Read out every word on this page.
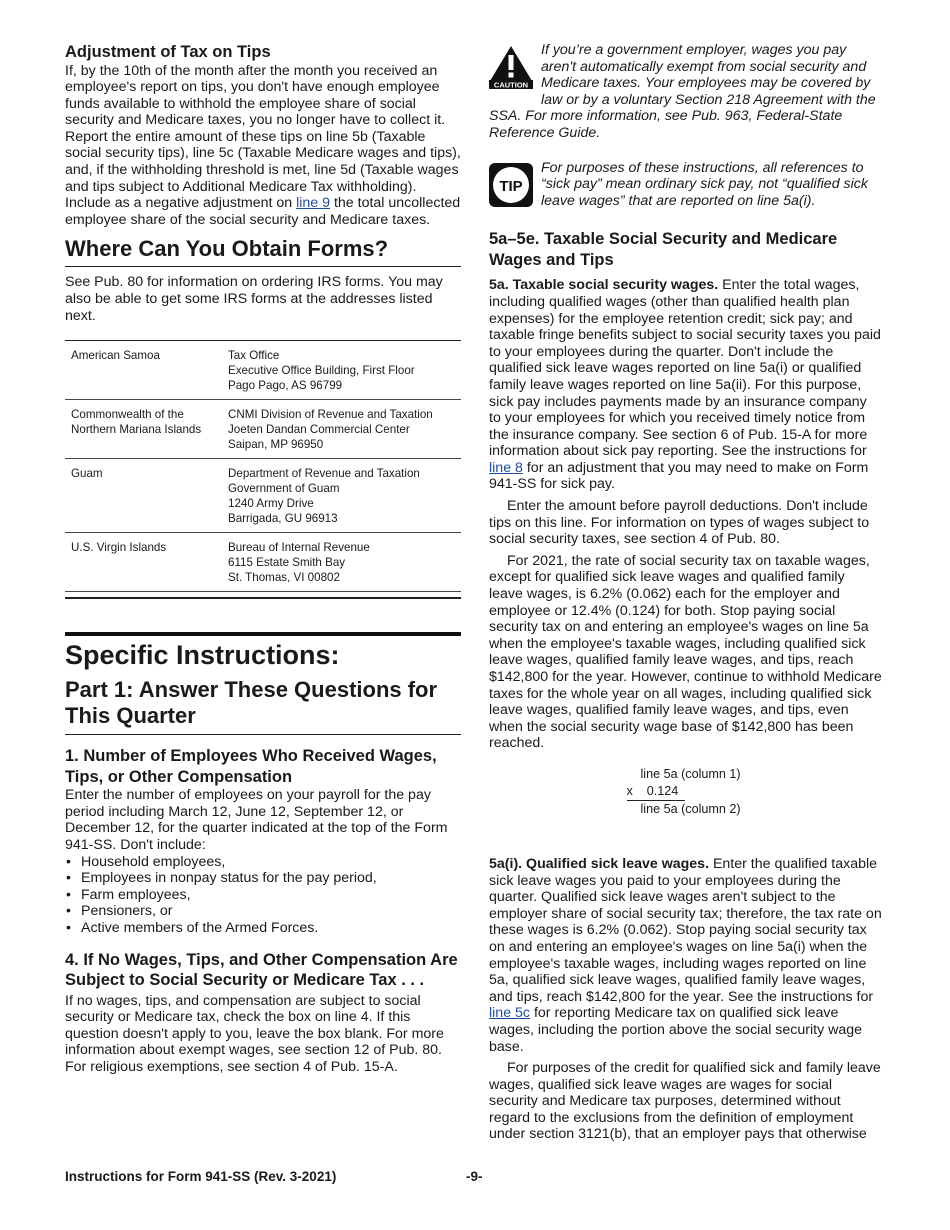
Adjustment of Tax on Tips

If, by the 10th of the month after the month you received an employee's report on tips, you don't have enough employee funds available to withhold the employee share of social security and Medicare taxes, you no longer have to collect it. Report the entire amount of these tips on line 5b (Taxable social security tips), line 5c (Taxable Medicare wages and tips), and, if the withholding threshold is met, line 5d (Taxable wages and tips subject to Additional Medicare Tax withholding). Include as a negative adjustment on line 9 the total uncollected employee share of the social security and Medicare taxes.

Where Can You Obtain Forms?

See Pub. 80 for information on ordering IRS forms. You may also be able to get some IRS forms at the addresses listed next.

American Samoa	Tax Office
Executive Office Building, First Floor
Pago Pago, AS 96799

Commonwealth of the Northern Mariana Islands	CNMI Division of Revenue and Taxation
Joeten Dandan Commercial Center
Saipan, MP 96950

Guam	Department of Revenue and Taxation
Government of Guam
1240 Army Drive
Barrigada, GU 96913

U.S. Virgin Islands	Bureau of Internal Revenue
6115 Estate Smith Bay
St. Thomas, VI 00802
Specific Instructions:
Part 1: Answer These Questions for This Quarter
1. Number of Employees Who Received Wages, Tips, or Other Compensation

Enter the number of employees on your payroll for the pay period including March 12, June 12, September 12, or December 12, for the quarter indicated at the top of the Form 941-SS. Don't include:

• Household employees,
• Employees in nonpay status for the pay period,
• Farm employees,
• Pensioners, or
• Active members of the Armed Forces.
4. If No Wages, Tips, and Other Compensation Are Subject to Social Security or Medicare Tax . . .

If no wages, tips, and compensation are subject to social security or Medicare tax, check the box on line 4. If this question doesn't apply to you, leave the box blank. For more information about exempt wages, see section 12 of Pub. 80. For religious exemptions, see section 4 of Pub. 15-A.

CAUTION

If you’re a government employer, wages you pay aren't automatically exempt from social security and Medicare taxes. Your employees may be covered by law or by a voluntary Section 218 Agreement with the SSA. For more information, see Pub. 963, Federal-State Reference Guide.

TIP

For purposes of these instructions, all references to “sick pay” mean ordinary sick pay, not “qualified sick leave wages” that are reported on line 5a(i).

5a–5e. Taxable Social Security and Medicare Wages and Tips

5a. Taxable social security wages. Enter the total wages, including qualified wages (other than qualified health plan expenses) for the employee retention credit; sick pay; and taxable fringe benefits subject to social security taxes you paid to your employees during the quarter. Don't include the qualified sick leave wages reported on line 5a(i) or qualified family leave wages reported on line 5a(ii). For this purpose, sick pay includes payments made by an insurance company to your employees for which you received timely notice from the insurance company. See section 6 of Pub. 15-A for more information about sick pay reporting. See the instructions for line 8 for an adjustment that you may need to make on Form 941-SS for sick pay.

Enter the amount before payroll deductions. Don't include tips on this line. For information on types of wages subject to social security taxes, see section 4 of Pub. 80.

For 2021, the rate of social security tax on taxable wages, except for qualified sick leave wages and qualified family leave wages, is 6.2% (0.062) each for the employer and employee or 12.4% (0.124) for both. Stop paying social security tax on and entering an employee's wages on line 5a when the employee's taxable wages, including qualified sick leave wages, qualified family leave wages, and tips, reach $142,800 for the year. However, continue to withhold Medicare taxes for the whole year on all wages, including qualified sick leave wages, qualified family leave wages, and tips, even when the social security wage base of $142,800 has been reached.

line 5a (column 1)
x 0.124
line 5a (column 2)

5a(i). Qualified sick leave wages. Enter the qualified taxable sick leave wages you paid to your employees during the quarter. Qualified sick leave wages aren't subject to the employer share of social security tax; therefore, the tax rate on these wages is 6.2% (0.062). Stop paying social security tax on and entering an employee's wages on line 5a(i) when the employee's taxable wages, including wages reported on line 5a, qualified sick leave wages, qualified family leave wages, and tips, reach $142,800 for the year. See the instructions for line 5c for reporting Medicare tax on qualified sick leave wages, including the portion above the social security wage base.

For purposes of the credit for qualified sick and family leave wages, qualified sick leave wages are wages for social security and Medicare tax purposes, determined without regard to the exclusions from the definition of employment under section 3121(b), that an employer pays that otherwise

Instructions for Form 941-SS (Rev. 3-2021)	-9-
